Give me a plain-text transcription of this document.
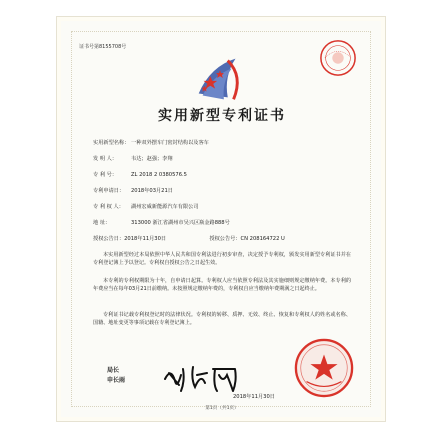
证书号第8155708号
实用新型专利证书
实用新型名称： 一种双外摆车门密封结构以及客车
发 明 人：	韦达；赵强；李翔
专 利 号：	ZL 2018 2 0380576.5
专利申请日： 2018年03月21日
专 利 权 人： 湖州宏威新能源汽车有限公司
地 址：	313000 浙江省湖州市吴兴区瓶金路888号
授权公告日：2018年11月30日	授权公告号：CN 208164722 U
本实用新型经过本局依照中华人民共和国专利法进行初步审查，决定授予专利权，颁发实用新型专利证书并在专利登记簿上予以登记。专利权自授权公告之日起生效。
本专利的专利权期限为十年，自申请日起算。专利权人应当依照专利法及其实施细则规定缴纳年费。本专利的年费应当在每年03月21日前缴纳。未按照规定缴纳年费的，专利权自应当缴纳年费期满之日起终止。
专利证书记载专利权登记时的法律状况。专利权的转移、质押、无效、终止、恢复和专利权人的姓名或名称、国籍、地址变更等事项记载在专利登记簿上。
局长
申长雨
2018年11月30日
第1页（共1页）
